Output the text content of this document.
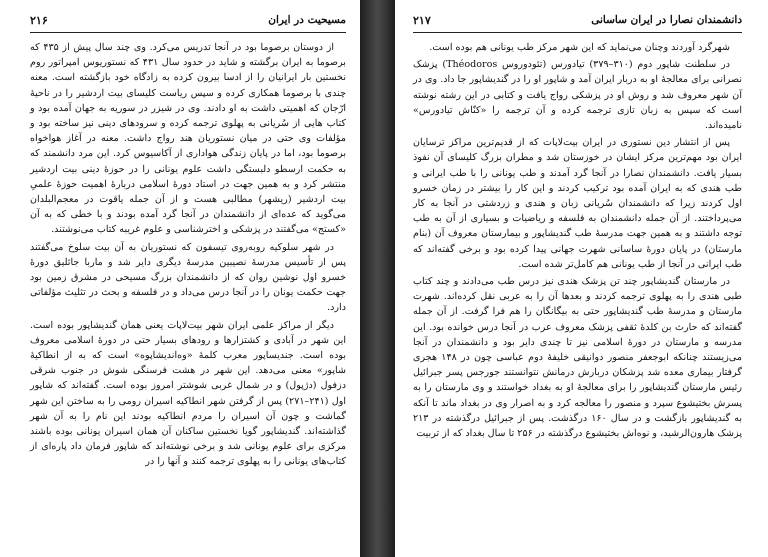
مسیحیت در ایران
۲۱۶

از دوستان برصوما بود در آنجا تدریس می‌کرد. وی چند سال پیش از ۴۳۵ که برصوما به ایران برگشته و شاید در حدود سال ۴۳۱ که نستوریوس امپراتور روم نخستین بار ایرانیان را از ادسا بیرون کرده به زادگاه خود بازگشته است. معنه چندی با برصوما همکاری کرده و سپس ریاست کلیسای بیت اردشیر را در ناحیهٔ ارّجان که اهمیتی داشت به او دادند. وی در شیزر در سوریه به جهان آمده بود و کتاب هایی از سُریانی به پهلوی ترجمه کرده و سرودهای دینی نیز ساخته بود و مؤلفات وی حتی در میان نستوریان هند رواج داشت. معنه در آغاز هواخواه برصوما بود، اما در پایان زندگی هواداری از آکاسیوس کرد. این مرد دانشمند که به حکمت ارسطو دلبستگی داشت علوم یونانی را در حوزهٔ دینی بیت اردشیر منتشر کرد و به همین جهت در استاد دورهٔ اسلامی دربارهٔ اهمیت حوزهٔ علمیِ بیت اردشیر (ریشهر) مطالبی هست و از آن جمله یاقوت در معجم‌البلدان می‌گوید که عده‌ای از دانشمندان در آنجا گرد آمده بودند و با خطی که به آن «کستج» می‌گفتند در پزشکی و اخترشناسی و علوم غریبه کتاب می‌نوشتند.

در شهر سلوکیه روبه‌روی تیسفون که نستوریان به آن بیت سلوخ می‌گفتند پس از تأسیس مدرسهٔ نصیبین مدرسهٔ دیگری دایر شد و ماربا جاثلیق دورهٔ خسرو اول نوشین روان که از دانشمندان بزرگ مسیحی در مشرق زمین بود جهت حکمت یونان را در آنجا درس می‌داد و در فلسفه و بحث در تثلیث مؤلفاتی دارد.

دیگر از مراکز علمی ایران شهر بیت‌لاپات یعنی همان گندیشاپور بوده است. این شهر در آبادی و کشتزارها و رودهای بسیار حتی در دورهٔ اسلامی معروف بوده است. جندیساپور معرب کلمهٔ «وه‌اندیشاپوه» است که به از انطاکیهٔ شاپور» معنی می‌دهد. این شهر در هشت فرسنگی شوش در جنوب شرقی دزفول (دژپول) و در شمال غربی شوشتر امروز بوده است. گفته‌اند که شاپور اول (۲۴۱–۲۷۱) پس از گرفتن شهر انطاکیه اسیران رومی را به ساختن این شهر گماشت و چون آن اسیران را مردم انطاکیه بودند این نام را به آن شهر گذاشته‌اند. گندیشاپور گویا نخستین ساکنان آن همان اسیران یونانی بوده باشند مرکزی برای علوم یونانی شد و برخی نوشته‌اند که شاپور فرمان داد پاره‌ای از کتاب‌های یونانی را به پهلوی ترجمه کنند و آنها را در

دانشمندان نصارا در ایران ساسانی
۲۱۷

شهرگرد آوردند وچنان می‌نماید که این شهر مرکز طب یونانی هم بوده است.

در سلطنت شاپور دوم (۳۱۰–۳۷۹) تیادورس (تئودوروس Théodoros) پزشک نصرانی برای معالجهٔ او به دربار ایران آمد و شاپور او را در گندیشاپور جا داد. وی در آن شهر معروف شد و روش او در پزشکی رواج یافت و کتابی در این رشته نوشته است که سپس به زبان تازی ترجمه کرده و آن ترجمه را «کنّاش تیادورس» نامیده‌اند.

پس از انتشار دین نستوری در ایران بیت‌لاپات که از قدیم‌ترین مراکز ترسایان ایران بود مهم‌ترین مرکز ایشان در خوزستان شد و مطران بزرگ کلیسای آن نفوذ بسیار یافت. دانشمندان نصارا در آنجا گرد آمدند و طب یونانی را با طب ایرانی و طب هندی که به ایران آمده بود ترکیب کردند و این کار را بیشتر در زمان خسرو اول کردند زیرا که دانشمندان سُریانی زبان و هندی و زردشتی در آنجا به کار می‌پرداختند. از آن جمله دانشمندان به فلسفه و ریاضیات و بسیاری از آن به طب توجه داشتند و به همین جهت مدرسهٔ طب گندیشاپور و بیمارستان معروف آن (بنام مارستان) در پایان دورهٔ ساسانی شهرت جهانی پیدا کرده بود و برخی گفته‌اند که طب ایرانی در آنجا از طب یونانی هم کامل‌تر شده است.

در مارستان گندیشاپور چند تن پزشک هندی نیز درس طب می‌دادند و چند کتاب طبی هندی را به پهلوی ترجمه کردند و بعدها آن را به عربی نقل کرده‌اند. شهرت مارستان و مدرسهٔ طب گندیشاپور حتی به بیگانگان را هم فرا گرفت. از آن جمله گفته‌اند که حارث بن کلدهٔ ثقفی پزشک معروف عرب در آنجا درس خوانده بود. این مدرسه و مارستان در دورهٔ اسلامی نیز تا چندی دایر بود و دانشمندان در آنجا می‌زیستند چنانکه ابوجعفر منصور دوانیقی خلیفهٔ دوم عباسی چون در ۱۴۸ هجری گرفتار بیماری معده شد پزشکان دربارش درمانش نتوانستند جورجس پسر جبرائیل رئیس مارستان گندیشاپور را برای معالجهٔ او به بغداد خواستند و وی مارستان را به پسرش بختیشوع سپرد و منصور را معالجه کرد و به اصرار وی در بغداد ماند تا آنکه به گندیشاپور بازگشت و در سال ۱۶۰ درگذشت. پس از جبرائیل درگذشته در ۲۱۳ پزشک هارون‌الرشید، و نوه‌اش بختیشوع درگذشته در ۲۵۶ تا سال بغداد که از تربیت
